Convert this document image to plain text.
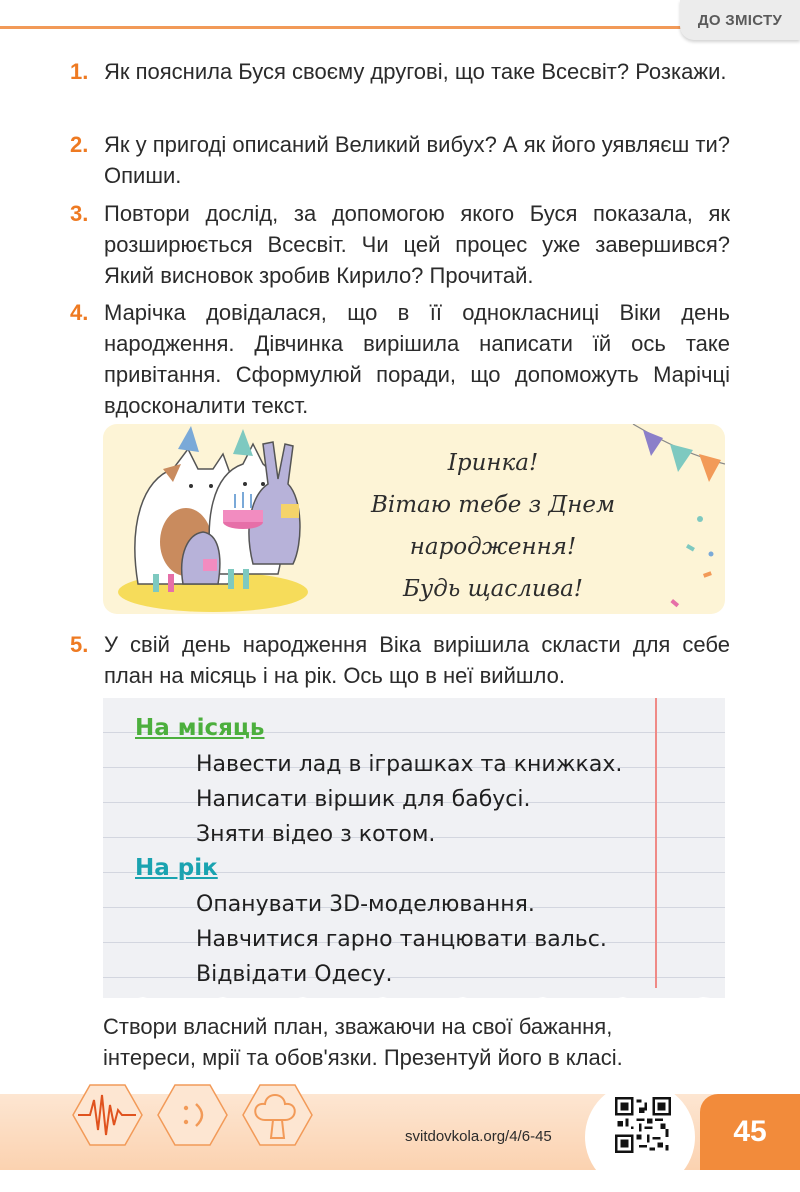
ДО ЗМІСТУ
1. Як пояснила Буся своєму другові, що таке Всесвіт? Розкажи.
2. Як у пригоді описаний Великий вибух? А як його уявляєш ти? Опиши.
3. Повтори дослід, за допомогою якого Буся показала, як розширюється Всесвіт. Чи цей процес уже завершився? Який висновок зробив Кирило? Прочитай.
4. Марічка довідалася, що в її однокласниці Віки день народження. Дівчинка вирішила написати їй ось таке привітання. Сформулюй поради, що допоможуть Марічці вдосконалити текст.
Іринка!
Вітаю тебе з Днем народження!
Будь щаслива!
5. У свій день народження Віка вирішила скласти для себе план на місяць і на рік. Ось що в неї вийшло.
На місяць
Навести лад в іграшках та книжках.
Написати віршик для бабусі.
Зняти відео з котом.
На рік
Опанувати 3D-моделювання.
Навчитися гарно танцювати вальс.
Відвідати Одесу.
Створи власний план, зважаючи на свої бажання, інтереси, мрії та обов'язки. Презентуй його в класі.
svitdovkola.org/4/6-45	45
